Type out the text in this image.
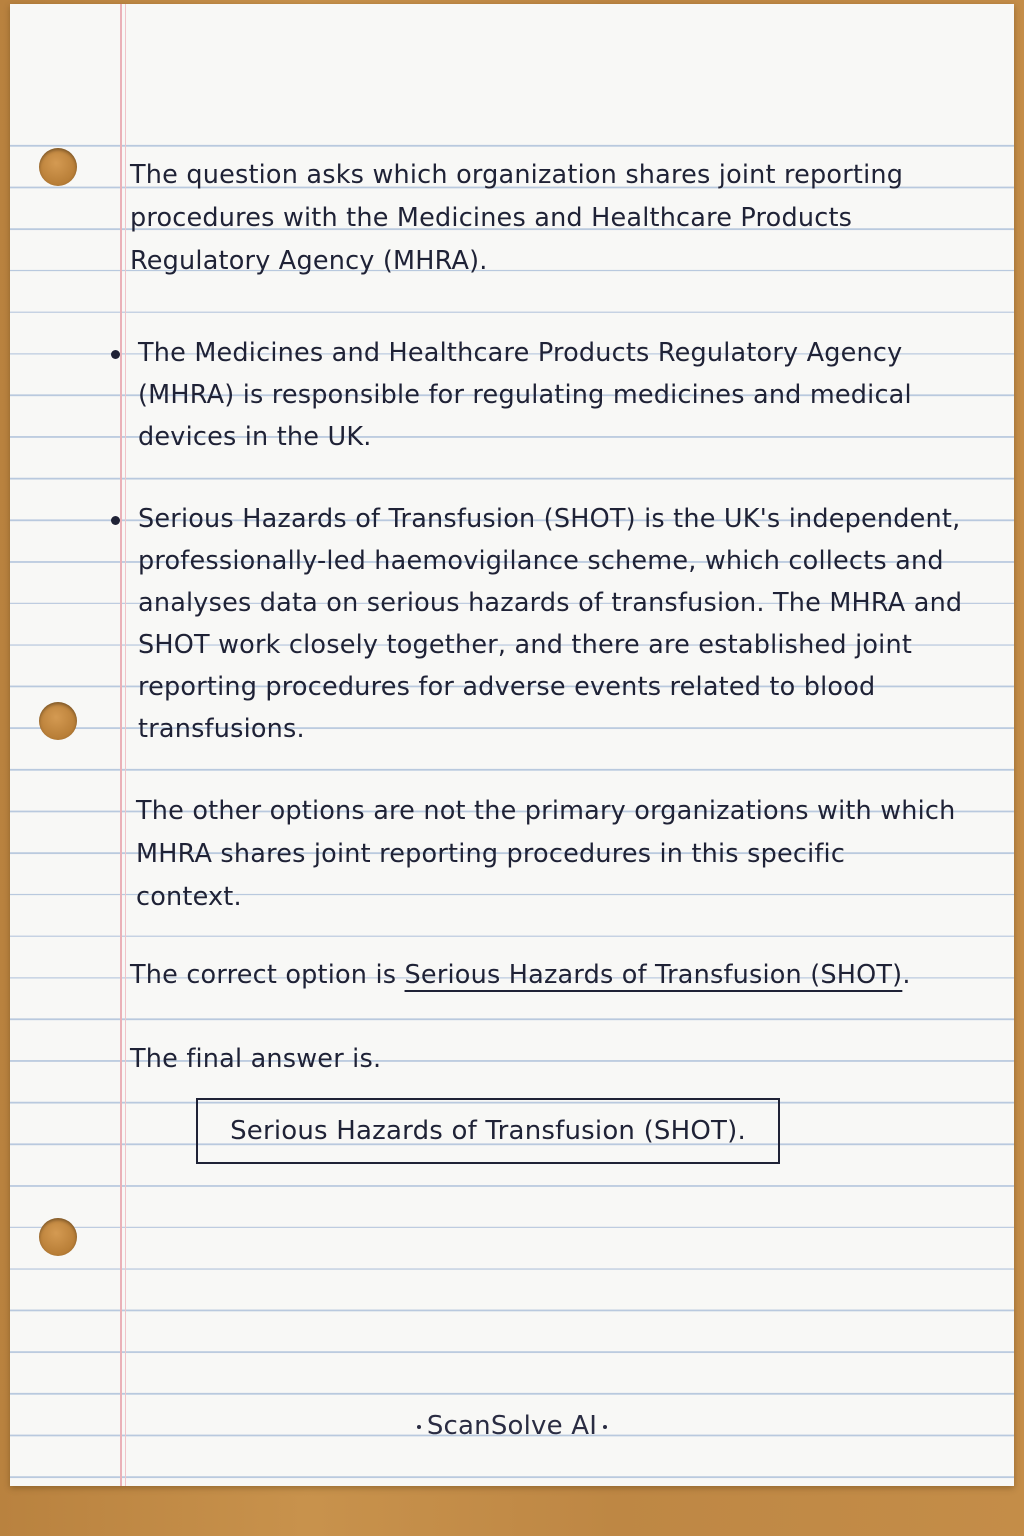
The question asks which organization shares joint reporting procedures with the Medicines and Healthcare Products Regulatory Agency (MHRA).

The Medicines and Healthcare Products Regulatory Agency (MHRA) is responsible for regulating medicines and medical devices in the UK.

Serious Hazards of Transfusion (SHOT) is the UK's independent, professionally-led haemovigilance scheme, which collects and analyses data on serious hazards of transfusion. The MHRA and SHOT work closely together, and there are established joint reporting procedures for adverse events related to blood transfusions.

The other options are not the primary organizations with which MHRA shares joint reporting procedures in this specific context.

The correct option is Serious Hazards of Transfusion (SHOT).

The final answer is.

Serious Hazards of Transfusion (SHOT).
ScanSolve AI
